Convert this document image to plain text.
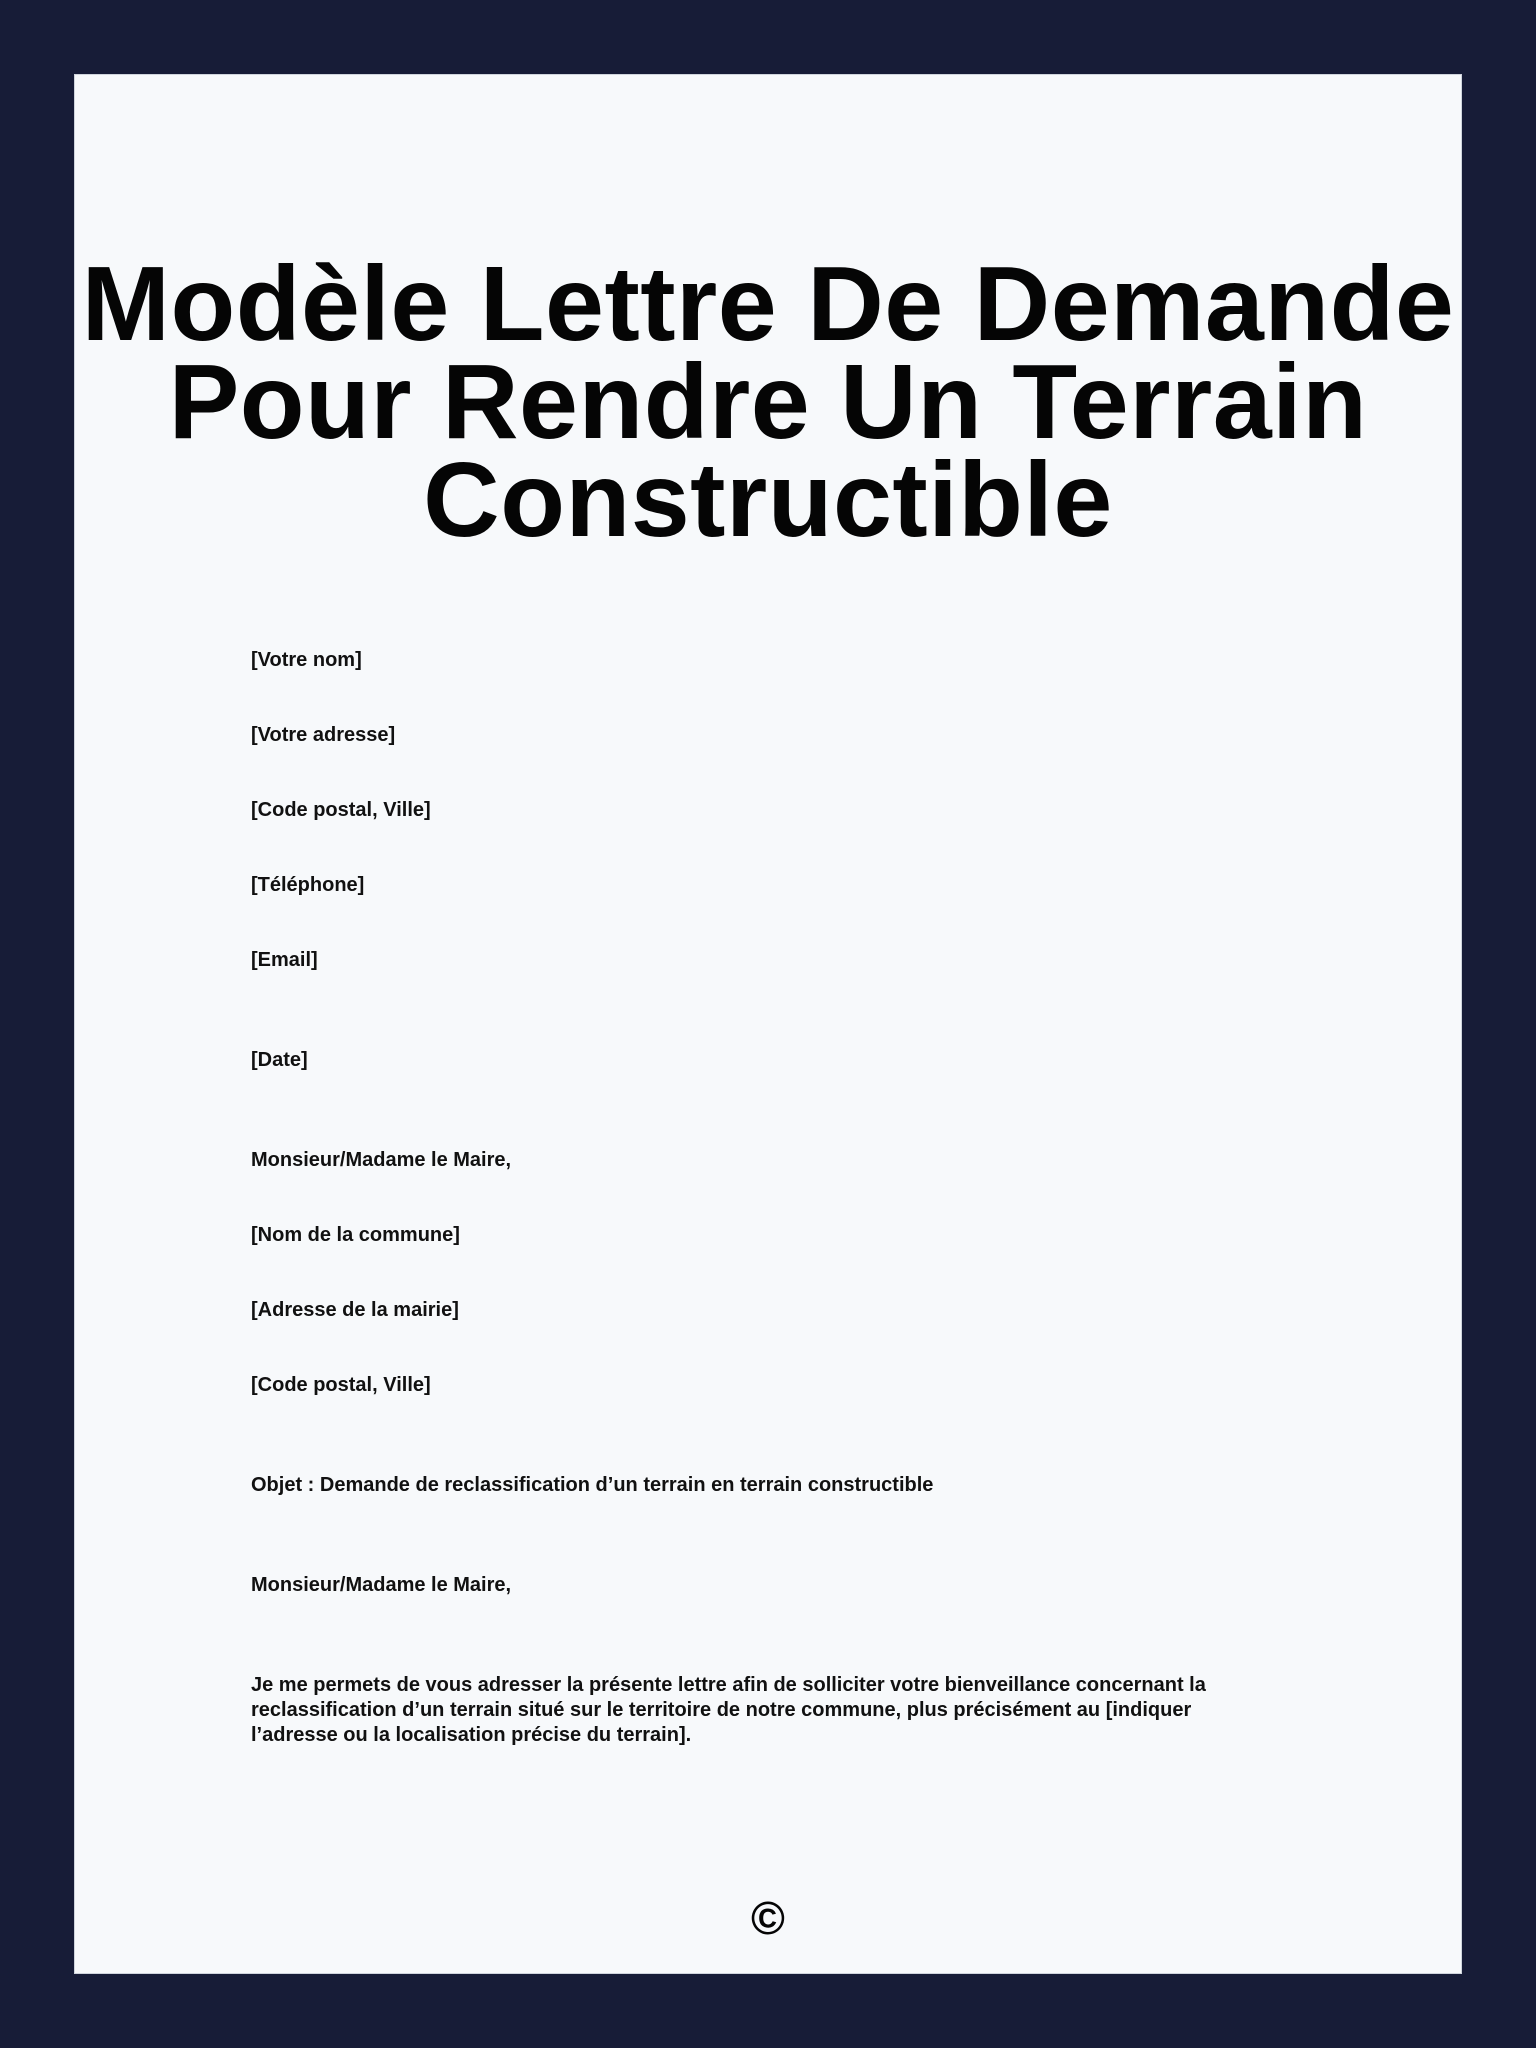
Modèle Lettre De Demande
Pour Rendre Un Terrain
Constructible

[Votre nom]

[Votre adresse]

[Code postal, Ville]

[Téléphone]

[Email]

[Date]

Monsieur/Madame le Maire,

[Nom de la commune]

[Adresse de la mairie]

[Code postal, Ville]

Objet : Demande de reclassification d’un terrain en terrain constructible

Monsieur/Madame le Maire,

Je me permets de vous adresser la présente lettre afin de solliciter votre bienveillance concernant la reclassification d’un terrain situé sur le territoire de notre commune, plus précisément au [indiquer l’adresse ou la localisation précise du terrain].

©
